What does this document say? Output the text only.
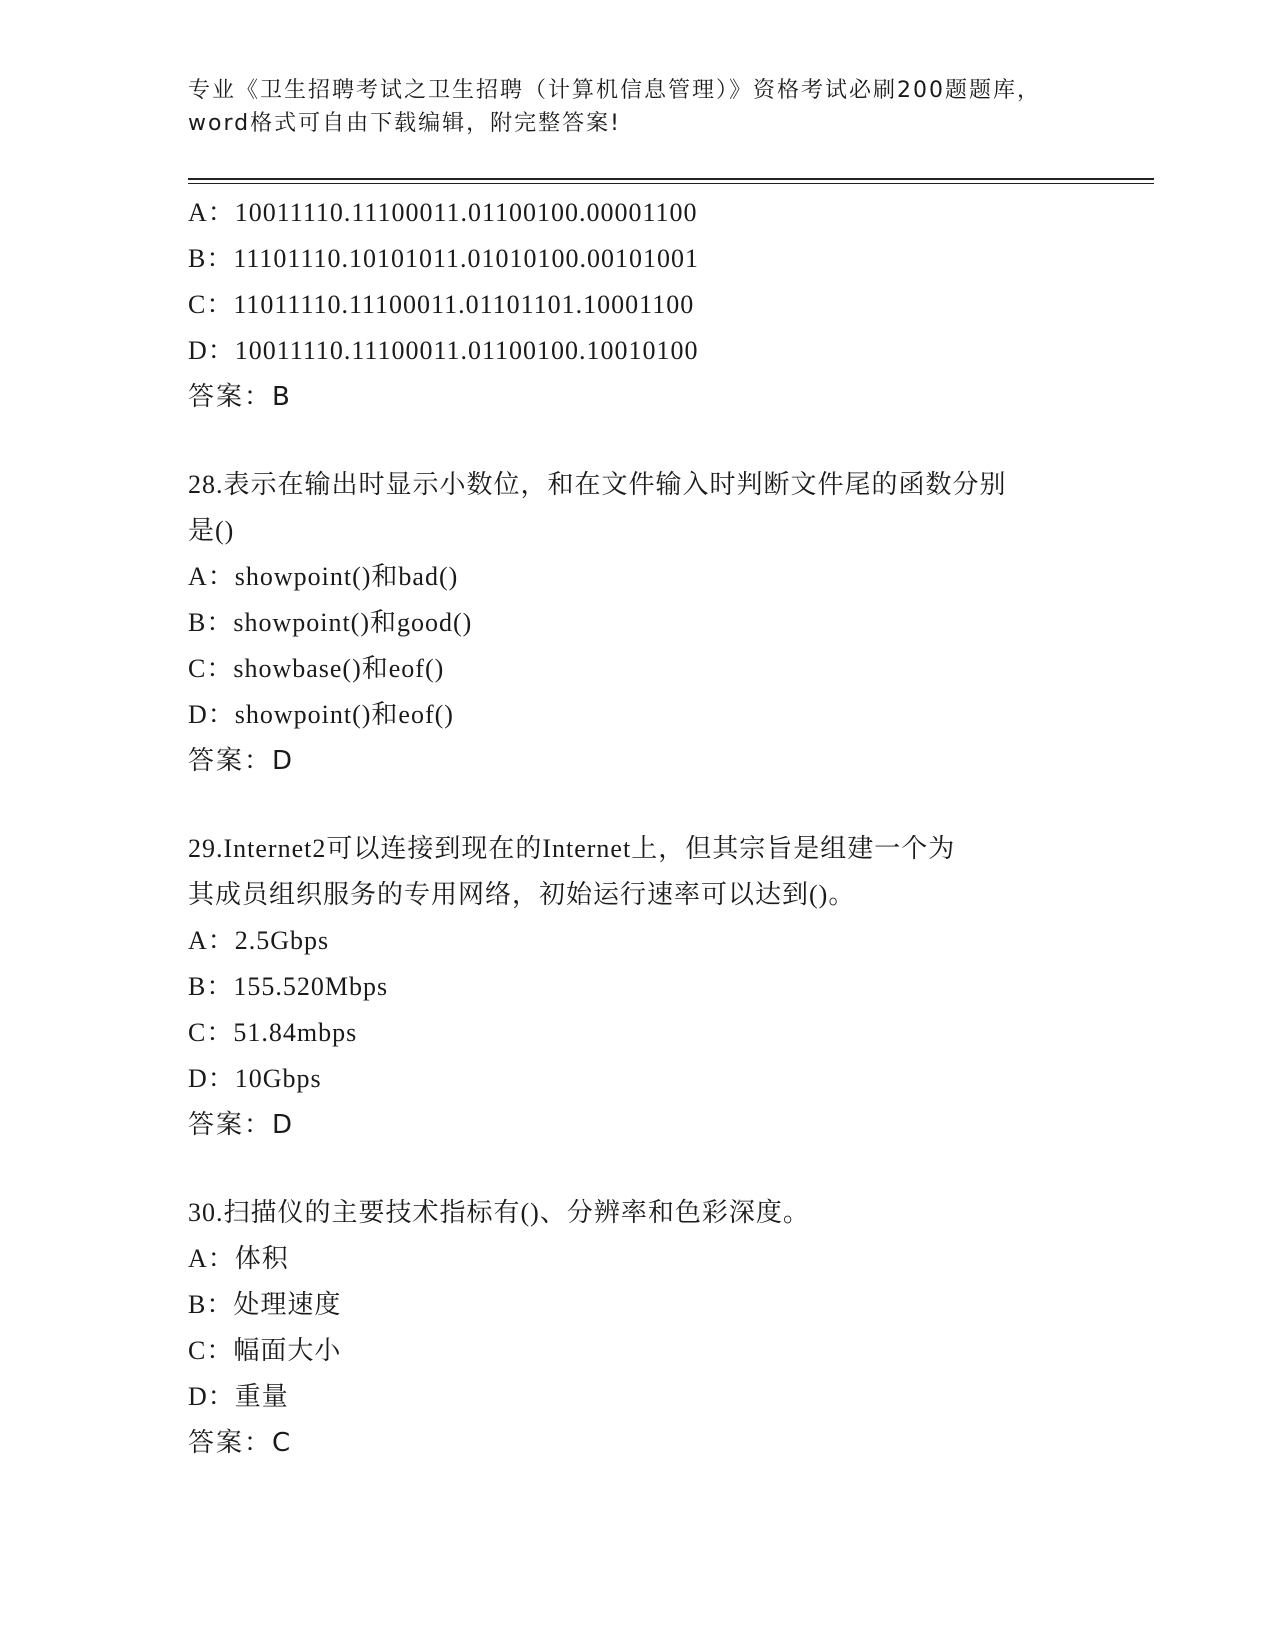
专业《卫生招聘考试之卫生招聘（计算机信息管理）》资格考试必刷200题题库，
word格式可自由下载编辑，附完整答案!
A：10011110.11100011.01100100.00001100
B：11101110.10101011.01010100.00101001
C：11011110.11100011.01101101.10001100
D：10011110.11100011.01100100.10010100
答案：B
28.表示在输出时显示小数位，和在文件输入时判断文件尾的函数分别
是()
A：showpoint()和bad()
B：showpoint()和good()
C：showbase()和eof()
D：showpoint()和eof()
答案：D
29.Internet2可以连接到现在的Internet上，但其宗旨是组建一个为
其成员组织服务的专用网络，初始运行速率可以达到()。
A：2.5Gbps
B：155.520Mbps
C：51.84mbps
D：10Gbps
答案：D
30.扫描仪的主要技术指标有()、分辨率和色彩深度。
A：体积
B：处理速度
C：幅面大小
D：重量
答案：C
